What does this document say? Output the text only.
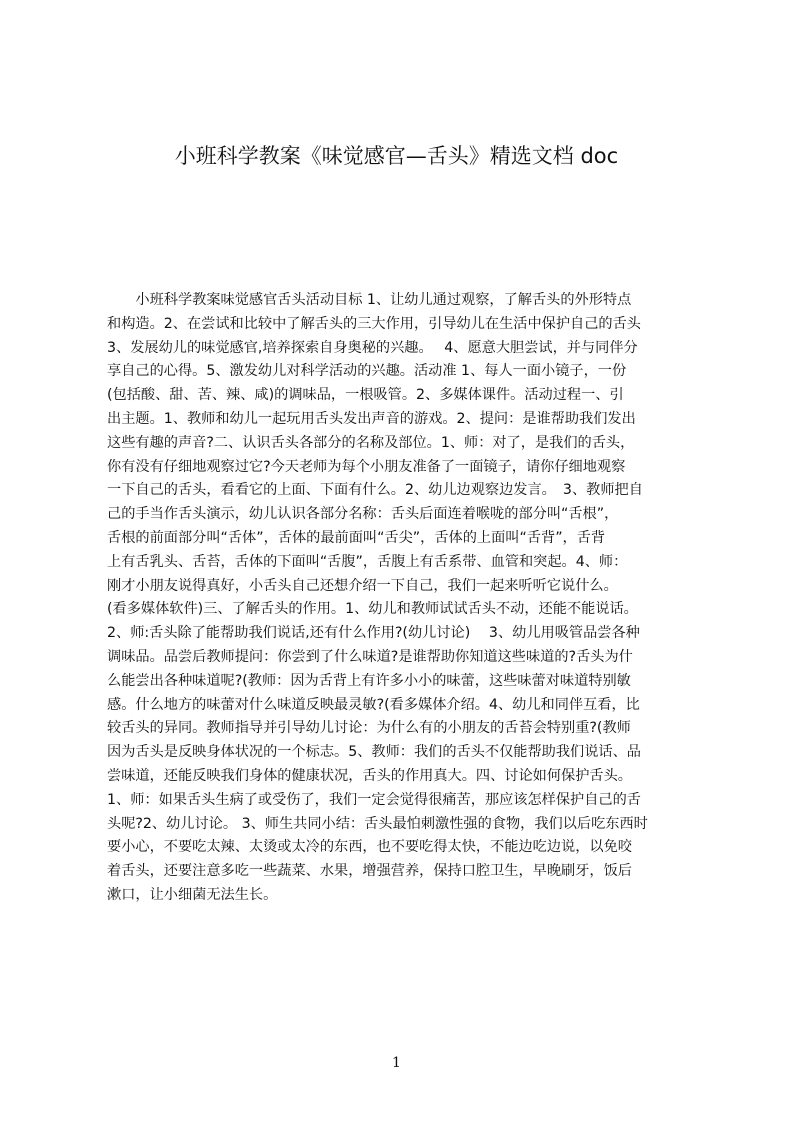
小班科学教案《味觉感官—舌头》精选文档 doc
　　小班科学教案味觉感官舌头活动目标 1、让幼儿通过观察，了解舌头的外形特点
和构造。2、在尝试和比较中了解舌头的三大作用，引导幼儿在生活中保护自己的舌头
3、发展幼儿的味觉感官,培养探索自身奥秘的兴趣。　 4、愿意大胆尝试，并与同伴分
享自己的心得。5、激发幼儿对科学活动的兴趣。活动准 1、每人一面小镜子，一份
(包括酸、甜、苦、辣、咸)的调味品，一根吸管。2、多媒体课件。活动过程一、引
出主题。1、教师和幼儿一起玩用舌头发出声音的游戏。2、提问：是谁帮助我们发出
这些有趣的声音?二、认识舌头各部分的名称及部位。1、师：对了，是我们的舌头，
你有没有仔细地观察过它?今天老师为每个小朋友准备了一面镜子，请你仔细地观察
一下自己的舌头，看看它的上面、下面有什么。2、幼儿边观察边发言。　3、教师把自
己的手当作舌头演示，幼儿认识各部分名称：舌头后面连着喉咙的部分叫“舌根”，
舌根的前面部分叫“舌体”，舌体的最前面叫“舌尖”，舌体的上面叫“舌背”，舌背
上有舌乳头、舌苔，舌体的下面叫“舌腹”，舌腹上有舌系带、血管和突起。4、师：
刚才小朋友说得真好，小舌头自己还想介绍一下自己，我们一起来听听它说什么。
(看多媒体软件)三、了解舌头的作用。1、幼儿和教师试试舌头不动，还能不能说话。
2、师:舌头除了能帮助我们说话,还有什么作用?(幼儿讨论)　 3、幼儿用吸管品尝各种
调味品。品尝后教师提问：你尝到了什么味道?是谁帮助你知道这些味道的?舌头为什
么能尝出各种味道呢?(教师：因为舌背上有许多小小的味蕾，这些味蕾对味道特别敏
感。什么地方的味蕾对什么味道反映最灵敏?(看多媒体介绍。4、幼儿和同伴互看，比
较舌头的异同。教师指导并引导幼儿讨论：为什么有的小朋友的舌苔会特别重?(教师
因为舌头是反映身体状况的一个标志。5、教师：我们的舌头不仅能帮助我们说话、品
尝味道，还能反映我们身体的健康状况，舌头的作用真大。四、讨论如何保护舌头。
1、师：如果舌头生病了或受伤了，我们一定会觉得很痛苦，那应该怎样保护自己的舌
头呢?2、幼儿讨论。 3、师生共同小结：舌头最怕刺激性强的食物，我们以后吃东西时
要小心，不要吃太辣、太烫或太冷的东西，也不要吃得太快，不能边吃边说，以免咬
着舌头，还要注意多吃一些蔬菜、水果，增强营养，保持口腔卫生，早晚刷牙，饭后
漱口，让小细菌无法生长。
1
